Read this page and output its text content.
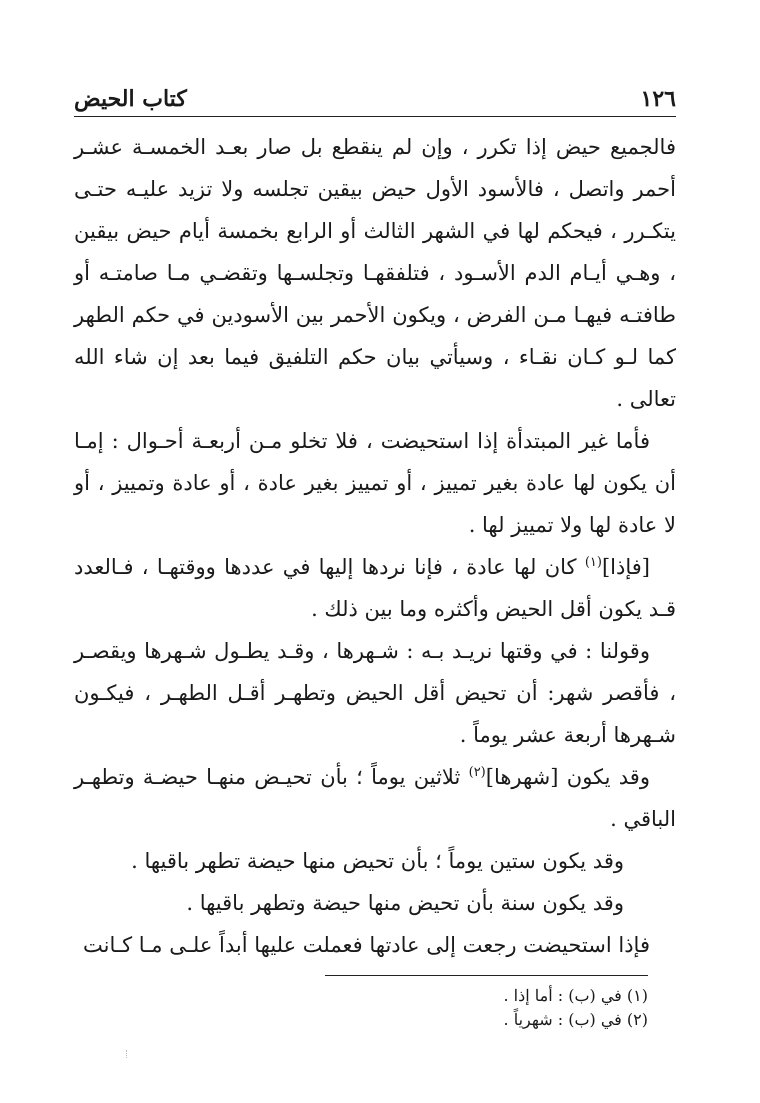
١٢٦
كتاب الحيض

فالجميع حيض إذا تكرر ، وإن لم ينقطع بل صار بعـد الخمسـة عشـر أحمر واتصل ، فالأسود الأول حيض بيقين تجلسه ولا تزيد عليـه حتـى يتكـرر ، فيحكم لها في الشهر الثالث أو الرابع بخمسة أيام حيض بيقين ، وهـي أيـام الدم الأسـود ، فتلفقهـا وتجلسـها وتقضـي مـا صامتـه أو طافتـه فيهـا مـن الفرض ، ويكون الأحمر بين الأسودين في حكم الطهر كما لـو كـان نقـاء ، وسيأتي بيان حكم التلفيق فيما بعد إن شاء الله تعالى .

فأما غير المبتدأة إذا استحيضت ، فلا تخلو مـن أربعـة أحـوال : إمـا أن يكون لها عادة بغير تمييز ، أو تمييز بغير عادة ، أو عادة وتمييز ، أو لا عادة لها ولا تمييز لها .

[فإذا]$^{(١)}$ كان لها عادة ، فإنا نردها إليها في عددها ووقتهـا ، فـالعدد قـد يكون أقل الحيض وأكثره وما بين ذلك .

وقولنا : في وقتها نريـد بـه : شـهرها ، وقـد يطـول شـهرها ويقصـر ، فأقصر شهر: أن تحيض أقل الحيض وتطهـر أقـل الطهـر ، فيكـون شـهرها أربعة عشر يوماً .

وقد يكون [شهرها]$^{(٢)}$ ثلاثين يوماً ؛ بأن تحيـض منهـا حيضـة وتطهـر الباقي .

وقد يكون ستين يوماً ؛ بأن تحيض منها حيضة تطهر باقيها .

وقد يكون سنة بأن تحيض منها حيضة وتطهر باقيها .

فإذا استحيضت رجعت إلى عادتها فعملت عليها أبداً علـى مـا كـانت

(١) في (ب) : أما إذا .
(٢) في (ب) : شهرياً .
